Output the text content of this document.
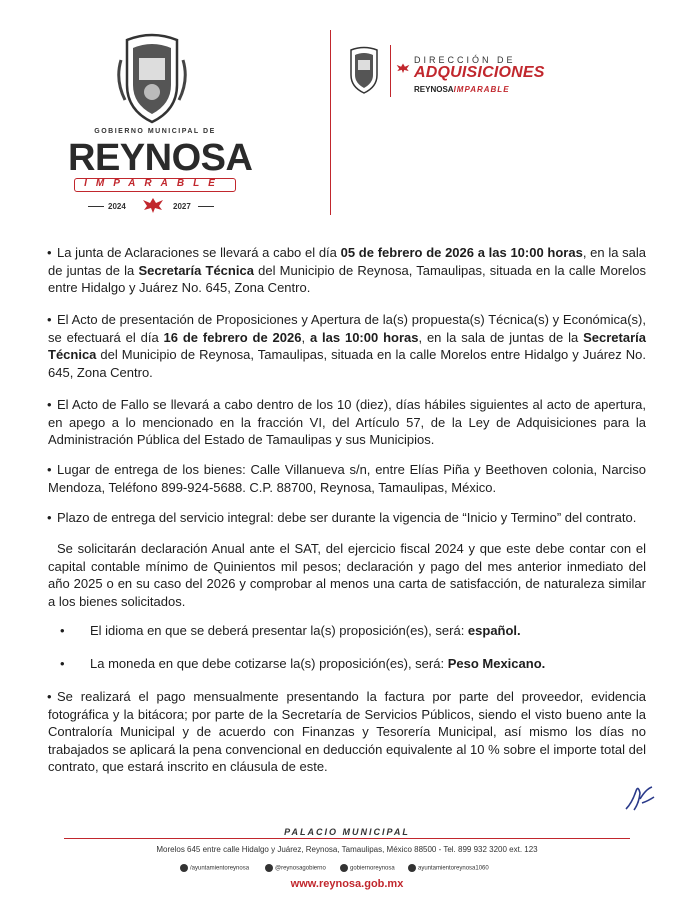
GOBIERNO MUNICIPAL DE
REYNOSA
IMPARABLE
2024	2027
DIRECCIÓN DE
ADQUISICIONES
REYNOSAIMPARABLE
• La junta de Aclaraciones se llevará a cabo el día 05 de febrero de 2026 a las 10:00 horas, en la sala de juntas de la Secretaría Técnica del Municipio de Reynosa, Tamaulipas, situada en la calle Morelos entre Hidalgo y Juárez No. 645, Zona Centro.
• El Acto de presentación de Proposiciones y Apertura de la(s) propuesta(s) Técnica(s) y Económica(s), se efectuará el día 16 de febrero de 2026, a las 10:00 horas, en la sala de juntas de la Secretaría Técnica del Municipio de Reynosa, Tamaulipas, situada en la calle Morelos entre Hidalgo y Juárez No. 645, Zona Centro.
• El Acto de Fallo se llevará a cabo dentro de los 10 (diez), días hábiles siguientes al acto de apertura, en apego a lo mencionado en la fracción VI, del Artículo 57, de la Ley de Adquisiciones para la Administración Pública del Estado de Tamaulipas y sus Municipios.
• Lugar de entrega de los bienes: Calle Villanueva s/n, entre Elías Piña y Beethoven colonia, Narciso Mendoza, Teléfono 899-924-5688. C.P. 88700, Reynosa, Tamaulipas, México.
• Plazo de entrega del servicio integral: debe ser durante la vigencia de “Inicio y Termino” del contrato.
Se solicitarán declaración Anual ante el SAT, del ejercicio fiscal 2024 y que este debe contar con el capital contable mínimo de Quinientos mil pesos; declaración y pago del mes anterior inmediato del año 2025 o en su caso del 2026 y comprobar al menos una carta de satisfacción, de naturaleza similar a los bienes solicitados.
• El idioma en que se deberá presentar la(s) proposición(es), será: español.
• La moneda en que debe cotizarse la(s) proposición(es), será: Peso Mexicano.
• Se realizará el pago mensualmente presentando la factura por parte del proveedor, evidencia fotográfica y la bitácora; por parte de la Secretaría de Servicios Públicos, siendo el visto bueno ante la Contraloría Municipal y de acuerdo con Finanzas y Tesorería Municipal, así mismo los días no trabajados se aplicará la pena convencional en deducción equivalente al 10 % sobre el importe total del contrato, que estará inscrito en cláusula de este.
PALACIO MUNICIPAL
Morelos 645 entre calle Hidalgo y Juárez, Reynosa, Tamaulipas, México 88500 - Tel. 899 932 3200 ext. 123
/ayuntamientoreynosa	@reynosagobierno	gobiernoreynosa	ayuntamientoreynosa1060
www.reynosa.gob.mx
